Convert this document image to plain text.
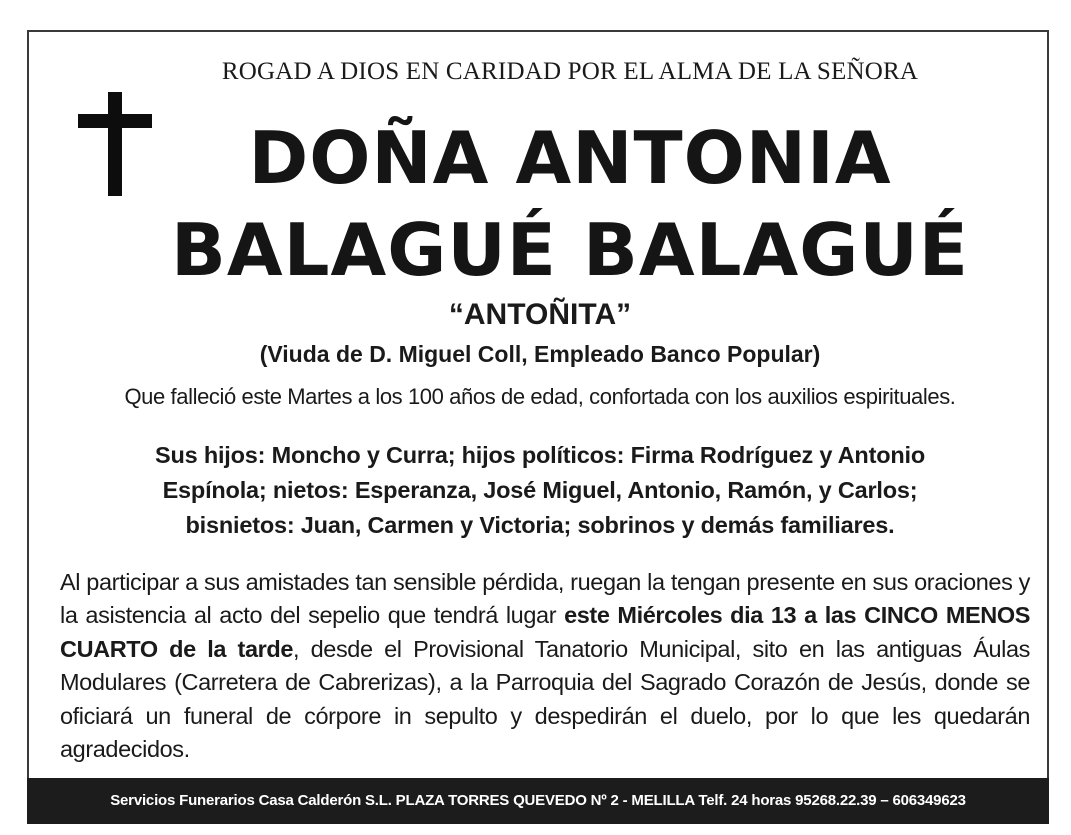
ROGAD A DIOS EN CARIDAD POR EL ALMA DE LA SEÑORA
DOÑA ANTONIA
BALAGUÉ BALAGUÉ
“ANTOÑITA”
(Viuda de D. Miguel Coll, Empleado Banco Popular)
Que falleció este Martes a los 100 años de edad, confortada con los auxilios espirituales.
Sus hijos: Moncho y Curra; hijos políticos: Firma Rodríguez y Antonio
Espínola; nietos: Esperanza, José Miguel, Antonio, Ramón, y Carlos;
bisnietos: Juan, Carmen y Victoria; sobrinos y demás familiares.
Al participar a sus amistades tan sensible pérdida, ruegan la tengan presente en sus oraciones y la asistencia al acto del sepelio que tendrá lugar este Miércoles dia 13 a las CINCO MENOS CUARTO de la tarde, desde el Provisional Tanatorio Municipal, sito en las antiguas Áulas Modulares (Carretera de Cabrerizas), a la Parroquia del Sagrado Corazón de Jesús, donde se oficiará un funeral de córpore in sepulto y despedirán el duelo, por lo que les quedarán agradecidos.
Servicios Funerarios Casa Calderón S.L. PLAZA TORRES QUEVEDO Nº 2 - MELILLA Telf. 24 horas 95268.22.39 – 606349623
